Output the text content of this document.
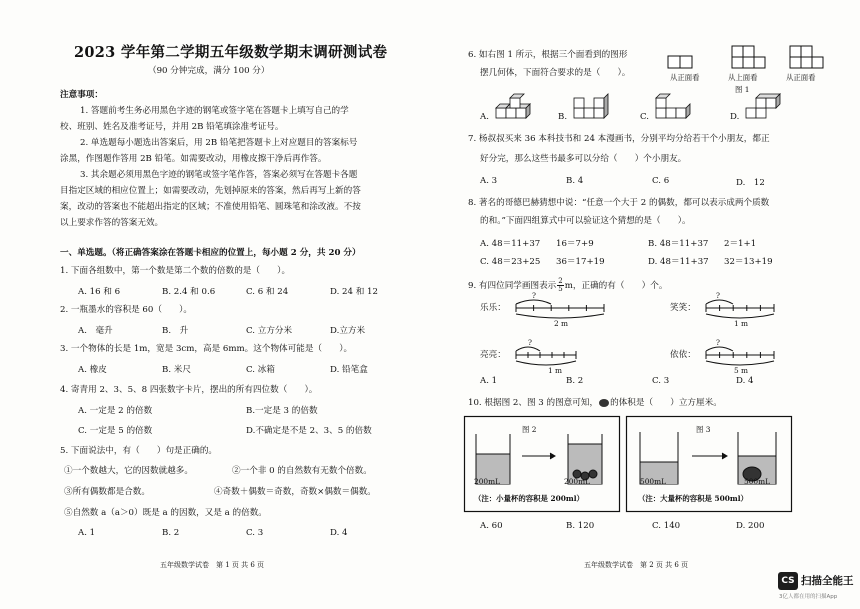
2023 学年第二学期五年级数学期末调研测试卷
（90 分钟完成，满分 100 分）
注意事项：
1. 答题前考生务必用黑色字迹的钢笔或签字笔在答题卡上填写自己的学
校、班别、姓名及准考证号，并用 2B 铅笔填涂准考证号。
2. 单选题每小题选出答案后，用 2B 铅笔把答题卡上对应题目的答案标号
涂黑，作图题作答用 2B 铅笔。如需要改动，用橡皮擦干净后再作答。
3. 其余题必须用黑色字迹的钢笔或签字笔作答，答案必须写在答题卡各题
目指定区域的相应位置上；如需要改动，先划掉原来的答案，然后再写上新的答
案，改动的答案也不能超出指定的区域；不准使用铅笔、圆珠笔和涂改液。不按
以上要求作答的答案无效。
一、单选题。（将正确答案涂在答题卡相应的位置上，每小题 2 分，共 20 分）
1. 下面各组数中，第一个数是第二个数的倍数的是（　　）。
A. 16 和 6	B. 2.4 和 0.6	C. 6 和 24	D. 24 和 12
2. 一瓶墨水的容积是 60（　　）。
A.　毫升	B.　升	C. 立方分米	D.立方米
3. 一个物体的长是 1m，宽是 3cm，高是 6mm。这个物体可能是（　　）。
A. 橡皮	B. 米尺	C. 冰箱	D. 铅笔盒
4. 寄青用 2、3、5、8 四张数字卡片，摆出的所有四位数（　　）。
A. 一定是 2 的倍数	B.一定是 3 的倍数
C. 一定是 5 的倍数	D.不确定是不是 2、3、5 的倍数
5. 下面说法中，有（　　）句是正确的。
①一个数越大，它的因数就越多。	②一个非 0 的自然数有无数个倍数。
③所有偶数都是合数。	④奇数＋偶数＝奇数，奇数×偶数＝偶数。
⑤自然数 a（a＞0）既是 a 的因数，又是 a 的倍数。
A. 1	B. 2	C. 3	D. 4
五年级数学试卷　第 1 页 共 6 页
6. 如右图 1 所示，根据三个面看到的图形
摆几何体，下面符合要求的是（　　）。	从正面看	从上面看	从正面看
图 1
A.	B.	C.	D.
7. 杨叔叔买来 36 本科技书和 24 本漫画书，分别平均分给若干个小朋友，都正
好分完，那么这些书最多可以分给（　　）个小朋友。
A. 3	B. 4	C. 6	D.　12
8. 著名的哥德巴赫猜想中说：“任意一个大于 2 的偶数，都可以表示成两个质数
的和。”下面四组算式中可以验证这个猜想的是（　　）。
A. 48＝11+37 16＝7+9	B. 48＝11+37 2＝1+1
C. 48＝23+25 36＝17+19	D. 48＝11+37 32＝13+19
9. 有四位同学画图表示 $\frac{2}{5}$ m，正确的有（　　）个。
乐乐：
?
2 m
笑笑：
?
1 m
亮亮：
?
1 m
依依：
?
5 m
A. 1	B. 2	C. 3	D. 4
10. 根据图 2、图 3 的图意可知， 的体积是（　　）立方厘米。
图 2
200mL	200mL
（注：小量杯的容积是 200ml）
图 3
500mL	500mL
（注：大量杯的容积是 500ml）
A. 60	B. 120	C. 140	D. 200
五年级数学试卷　第 2 页 共 6 页
CS 扫描全能王
3亿人都在用的扫描App
